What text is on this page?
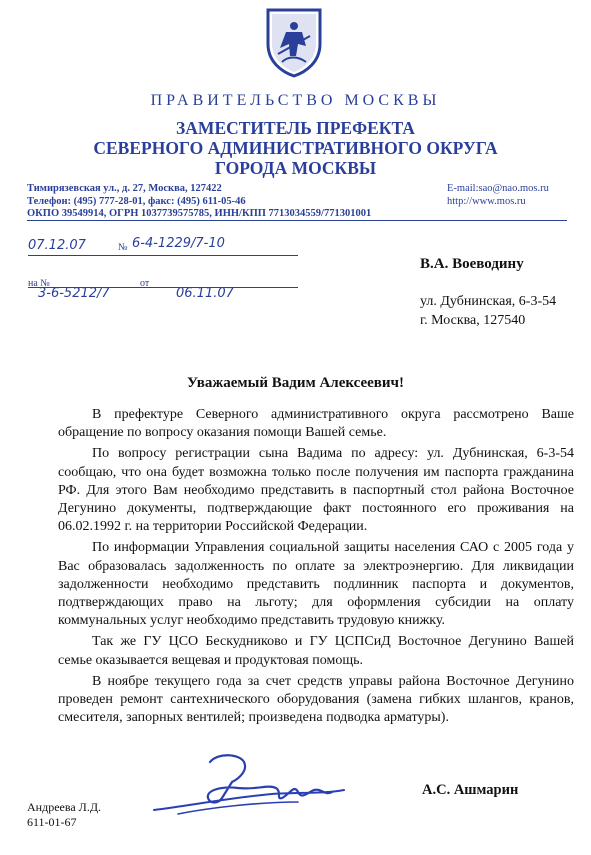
ПРАВИТЕЛЬСТВО МОСКВЫ
ЗАМЕСТИТЕЛЬ ПРЕФЕКТА
СЕВЕРНОГО АДМИНИСТРАТИВНОГО ОКРУГА
ГОРОДА МОСКВЫ
Тимирязевская ул., д. 27, Москва, 127422
Телефон: (495) 777-28-01, факс: (495) 611-05-46
ОКПО 39549914, ОГРН 1037739575785, ИНН/КПП 7713034559/771301001
E-mail:sao@nao.mos.ru
http://www.mos.ru
07.12.07	№ 6-4-1229/7-10
на №
3-6-5212/7
от
06.11.07
В.А. Воеводину
ул. Дубнинская, 6-3-54
г. Москва, 127540
Уважаемый Вадим Алексеевич!

В префектуре Северного административного округа рассмотрено Ваше обращение по вопросу оказания помощи Вашей семье.

По вопросу регистрации сына Вадима по адресу: ул. Дубнинская, 6-3-54 сообщаю, что она будет возможна только после получения им паспорта гражданина РФ. Для этого Вам необходимо представить в паспортный стол района Восточное Дегунино документы, подтверждающие факт постоянного его проживания на 06.02.1992 г. на территории Российской Федерации.

По информации Управления социальной защиты населения САО с 2005 года у Вас образовалась задолженность по оплате за электроэнергию. Для ликвидации задолженности необходимо представить подлинник паспорта и документов, подтверждающих право на льготу; для оформления субсидии на оплату коммунальных услуг необходимо представить трудовую книжку.

Так же ГУ ЦСО Бескудниково и ГУ ЦСПСиД Восточное Дегунино Вашей семье оказывается вещевая и продуктовая помощь.

В ноябре текущего года за счет средств управы района Восточное Дегунино проведен ремонт сантехнического оборудования (замена гибких шлангов, кранов, смесителя, запорных вентилей; произведена подводка арматуры).

А.С. Ашмарин
Андреева Л.Д.
611-01-67
